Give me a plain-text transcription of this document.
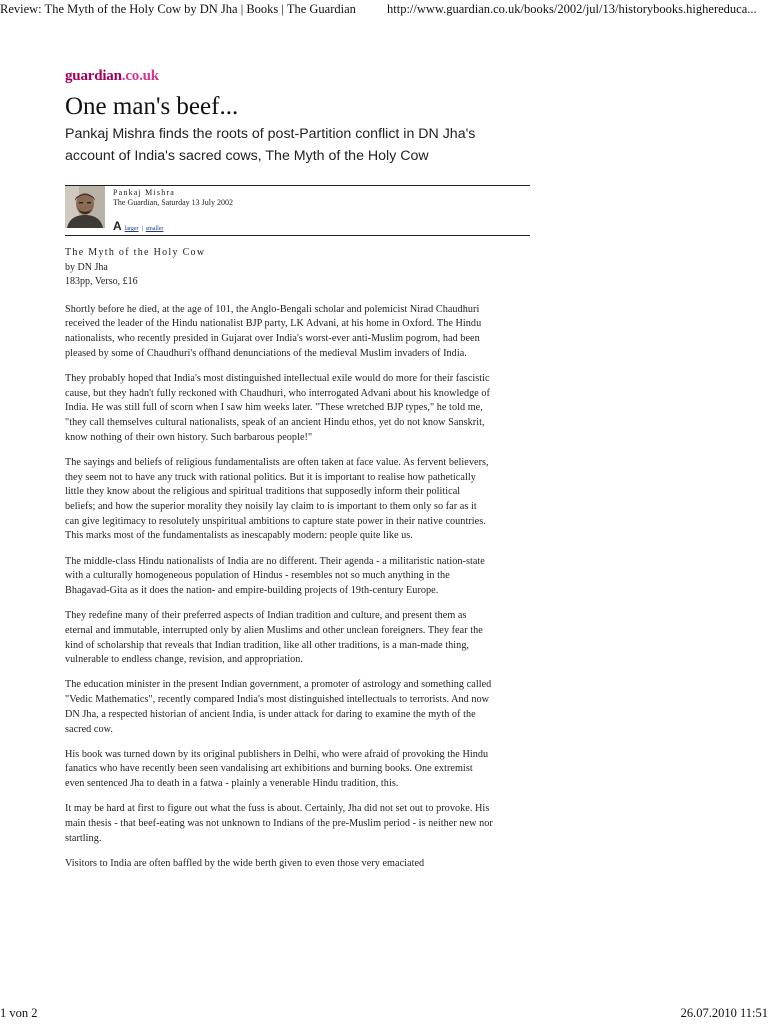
Review: The Myth of the Holy Cow by DN Jha | Books | The Guardian http://www.guardian.co.uk/books/2002/jul/13/historybooks.highereduca...
guardian.co.uk
One man's beef...

Pankaj Mishra finds the roots of post-Partition conflict in DN Jha's account of India's sacred cows, The Myth of the Holy Cow

Pankaj Mishra
The Guardian, Saturday 13 July 2002
A larger | smaller
The Myth of the Holy Cow
by DN Jha
183pp, Verso, £16

Shortly before he died, at the age of 101, the Anglo-Bengali scholar and polemicist Nirad Chaudhuri received the leader of the Hindu nationalist BJP party, LK Advani, at his home in Oxford. The Hindu nationalists, who recently presided in Gujarat over India's worst-ever anti-Muslim pogrom, had been pleased by some of Chaudhuri's offhand denunciations of the medieval Muslim invaders of India.

They probably hoped that India's most distinguished intellectual exile would do more for their fascistic cause, but they hadn't fully reckoned with Chaudhuri, who interrogated Advani about his knowledge of India. He was still full of scorn when I saw him weeks later. "These wretched BJP types," he told me, "they call themselves cultural nationalists, speak of an ancient Hindu ethos, yet do not know Sanskrit, know nothing of their own history. Such barbarous people!"

The sayings and beliefs of religious fundamentalists are often taken at face value. As fervent believers, they seem not to have any truck with rational politics. But it is important to realise how pathetically little they know about the religious and spiritual traditions that supposedly inform their political beliefs; and how the superior morality they noisily lay claim to is important to them only so far as it can give legitimacy to resolutely unspiritual ambitions to capture state power in their native countries. This marks most of the fundamentalists as inescapably modern: people quite like us.

The middle-class Hindu nationalists of India are no different. Their agenda - a militaristic nation-state with a culturally homogeneous population of Hindus - resembles not so much anything in the Bhagavad-Gita as it does the nation- and empire-building projects of 19th-century Europe.

They redefine many of their preferred aspects of Indian tradition and culture, and present them as eternal and immutable, interrupted only by alien Muslims and other unclean foreigners. They fear the kind of scholarship that reveals that Indian tradition, like all other traditions, is a man-made thing, vulnerable to endless change, revision, and appropriation.

The education minister in the present Indian government, a promoter of astrology and something called "Vedic Mathematics", recently compared India's most distinguished intellectuals to terrorists. And now DN Jha, a respected historian of ancient India, is under attack for daring to examine the myth of the sacred cow.

His book was turned down by its original publishers in Delhi, who were afraid of provoking the Hindu fanatics who have recently been seen vandalising art exhibitions and burning books. One extremist even sentenced Jha to death in a fatwa - plainly a venerable Hindu tradition, this.

It may be hard at first to figure out what the fuss is about. Certainly, Jha did not set out to provoke. His main thesis - that beef-eating was not unknown to Indians of the pre-Muslim period - is neither new nor startling.

Visitors to India are often baffled by the wide berth given to even those very emaciated

1 von 2	26.07.2010 11:51
